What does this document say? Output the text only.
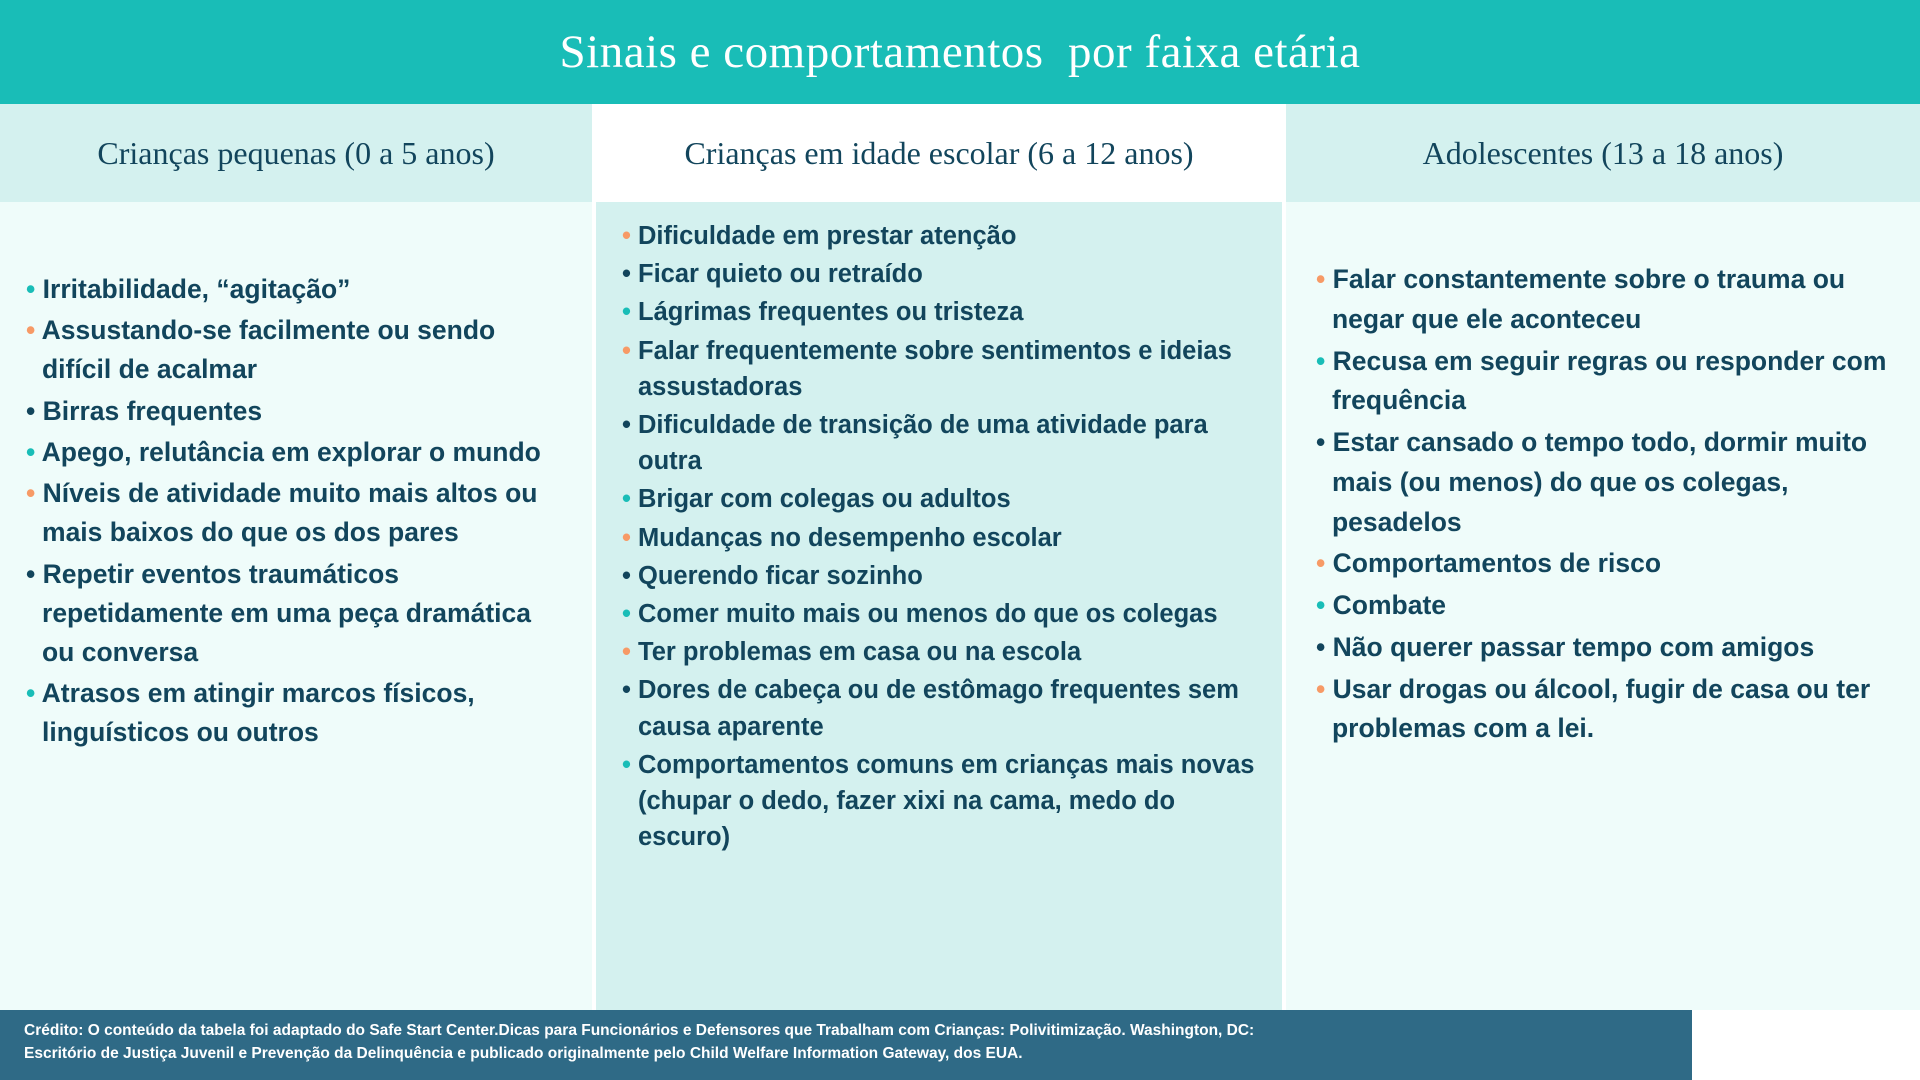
Sinais e comportamentos  por faixa etária
Crianças pequenas (0 a 5 anos)	Crianças em idade escolar (6 a 12 anos)	Adolescentes (13 a 18 anos)
• Irritabilidade, “agitação”
• Assustando-se facilmente ou sendo difícil de acalmar
• Birras frequentes
• Apego, relutância em explorar o mundo
• Níveis de atividade muito mais altos ou mais baixos do que os dos pares
• Repetir eventos traumáticos repetidamente em uma peça dramática ou conversa
• Atrasos em atingir marcos físicos, linguísticos ou outros
• Dificuldade em prestar atenção
• Ficar quieto ou retraído
• Lágrimas frequentes ou tristeza
• Falar frequentemente sobre sentimentos e ideias assustadoras
• Dificuldade de transição de uma atividade para outra
• Brigar com colegas ou adultos
• Mudanças no desempenho escolar
• Querendo ficar sozinho
• Comer muito mais ou menos do que os colegas
• Ter problemas em casa ou na escola
• Dores de cabeça ou de estômago frequentes sem causa aparente
• Comportamentos comuns em crianças mais novas (chupar o dedo, fazer xixi na cama, medo do escuro)
• Falar constantemente sobre o trauma ou negar que ele aconteceu
• Recusa em seguir regras ou responder com frequência
• Estar cansado o tempo todo, dormir muito mais (ou menos) do que os colegas, pesadelos
• Comportamentos de risco
• Combate
• Não querer passar tempo com amigos
• Usar drogas ou álcool, fugir de casa ou ter problemas com a lei.

Crédito: O conteúdo da tabela foi adaptado do Safe Start Center.Dicas para Funcionários e Defensores que Trabalham com Crianças: Polivitimização. Washington, DC:

Escritório de Justiça Juvenil e Prevenção da Delinquência e publicado originalmente pelo Child Welfare Information Gateway, dos EUA.
